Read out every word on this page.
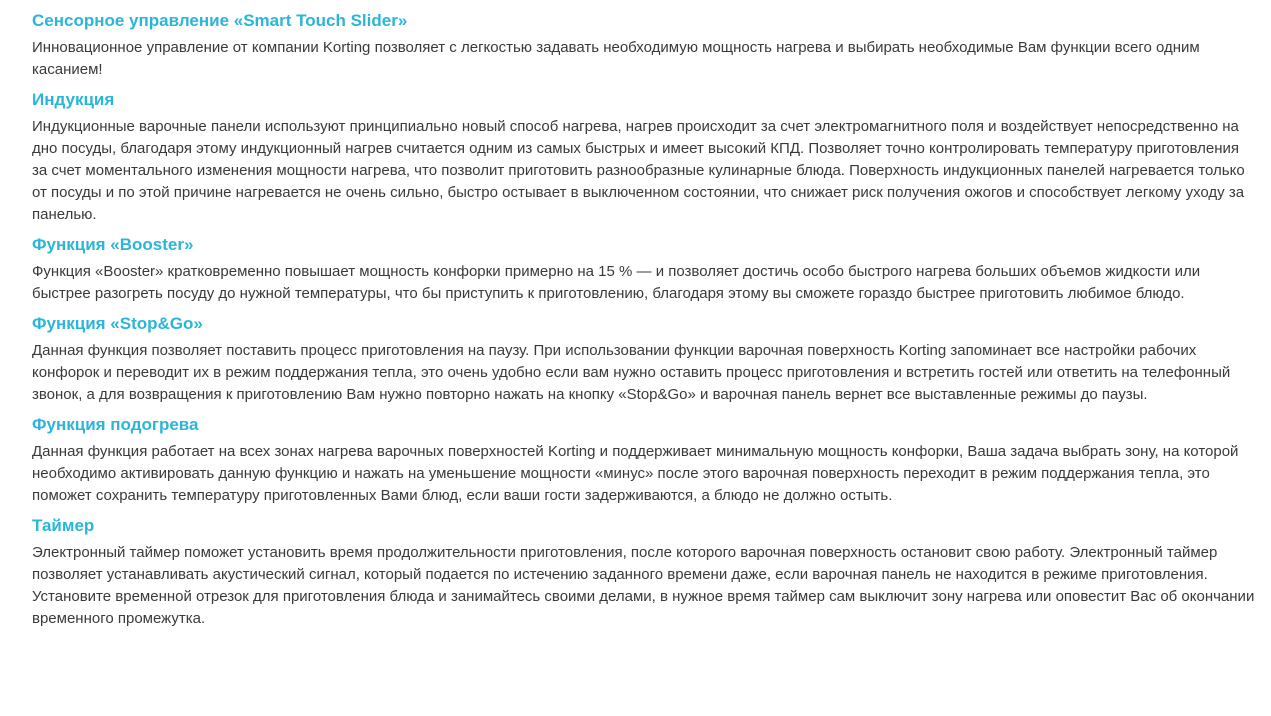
Сенсорное управление «Smart Touch Slider»

Инновационное управление от компании Korting позволяет с легкостью задавать необходимую мощность нагрева и выбирать необходимые Вам функции всего одним касанием!

Индукция

Индукционные варочные панели используют принципиально новый способ нагрева, нагрев происходит за счет электромагнитного поля и воздействует непосредственно на дно посуды, благодаря этому индукционный нагрев считается одним из самых быстрых и имеет высокий КПД. Позволяет точно контролировать температуру приготовления за счет моментального изменения мощности нагрева, что позволит приготовить разнообразные кулинарные блюда. Поверхность индукционных панелей нагревается только от посуды и по этой причине нагревается не очень сильно, быстро остывает в выключенном состоянии, что снижает риск получения ожогов и способствует легкому уходу за панелью.

Функция «Booster»

Функция «Booster» кратковременно повышает мощность конфорки примерно на 15 % — и позволяет достичь особо быстрого нагрева больших объемов жидкости или быстрее разогреть посуду до нужной температуры, что бы приступить к приготовлению, благодаря этому вы сможете гораздо быстрее приготовить любимое блюдо.

Функция «Stop&Go»

Данная функция позволяет поставить процесс приготовления на паузу. При использовании функции варочная поверхность Korting запоминает все настройки рабочих конфорок и переводит их в режим поддержания тепла, это очень удобно если вам нужно оставить процесс приготовления и встретить гостей или ответить на телефонный звонок, а для возвращения к приготовлению Вам нужно повторно нажать на кнопку «Stop&Go» и варочная панель вернет все выставленные режимы до паузы.

Функция подогрева

Данная функция работает на всех зонах нагрева варочных поверхностей Korting и поддерживает минимальную мощность конфорки, Ваша задача выбрать зону, на которой необходимо активировать данную функцию и нажать на уменьшение мощности «минус» после этого варочная поверхность переходит в режим поддержания тепла, это поможет сохранить температуру приготовленных Вами блюд, если ваши гости задерживаются, а блюдо не должно остыть.

Таймер

Электронный таймер поможет установить время продолжительности приготовления, после которого варочная поверхность остановит свою работу. Электронный таймер позволяет устанавливать акустический сигнал, который подается по истечению заданного времени даже, если варочная панель не находится в режиме приготовления. Установите временной отрезок для приготовления блюда и занимайтесь своими делами, в нужное время таймер сам выключит зону нагрева или оповестит Вас об окончании временного промежутка.
